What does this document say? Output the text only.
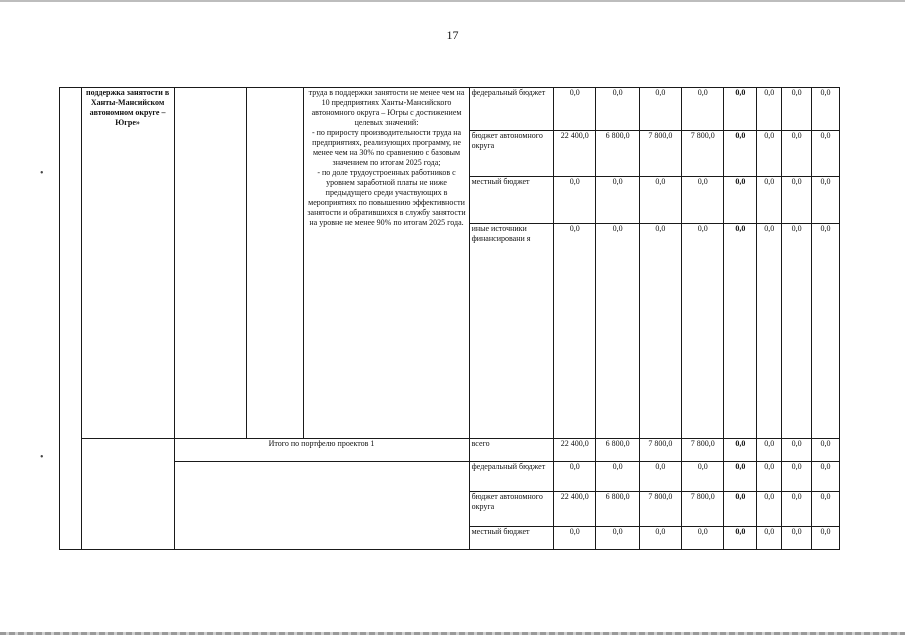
17
•
•
	поддержка занятости в Ханты-Мансийском автономном округе – Югре»			труда в поддержки занятости не менее чем на 10 предприятиях Ханты-Мансийского автономного округа – Югры с достижением целевых значений:
- по приросту производительности труда на предприятиях, реализующих программу, не менее чем на 30% по сравнению с базовым значением по итогам 2025 года;
- по доле трудоустроенных работников с уровнем заработной платы не ниже предыдущего среди участвующих в мероприятиях по повышению эффективности занятости и обратившихся в службу занятости на уровне не менее 90% по итогам 2025 года.	федеральный бюджет	0,0	0,0	0,0	0,0	0,0	0,0	0,0	0,0
					бюджет автономного округа	22 400,0	6 800,0	7 800,0	7 800,0	0,0	0,0	0,0	0,0
					местный бюджет	0,0	0,0	0,0	0,0	0,0	0,0	0,0	0,0
					иные источники финансировани я	0,0	0,0	0,0	0,0	0,0	0,0	0,0	0,0
		Итого по портфелю проектов 1			всего	22 400,0	6 800,0	7 800,0	7 800,0	0,0	0,0	0,0	0,0
					федеральный бюджет	0,0	0,0	0,0	0,0	0,0	0,0	0,0	0,0
					бюджет автономного округа	22 400,0	6 800,0	7 800,0	7 800,0	0,0	0,0	0,0	0,0
					местный бюджет	0,0	0,0	0,0	0,0	0,0	0,0	0,0	0,0
